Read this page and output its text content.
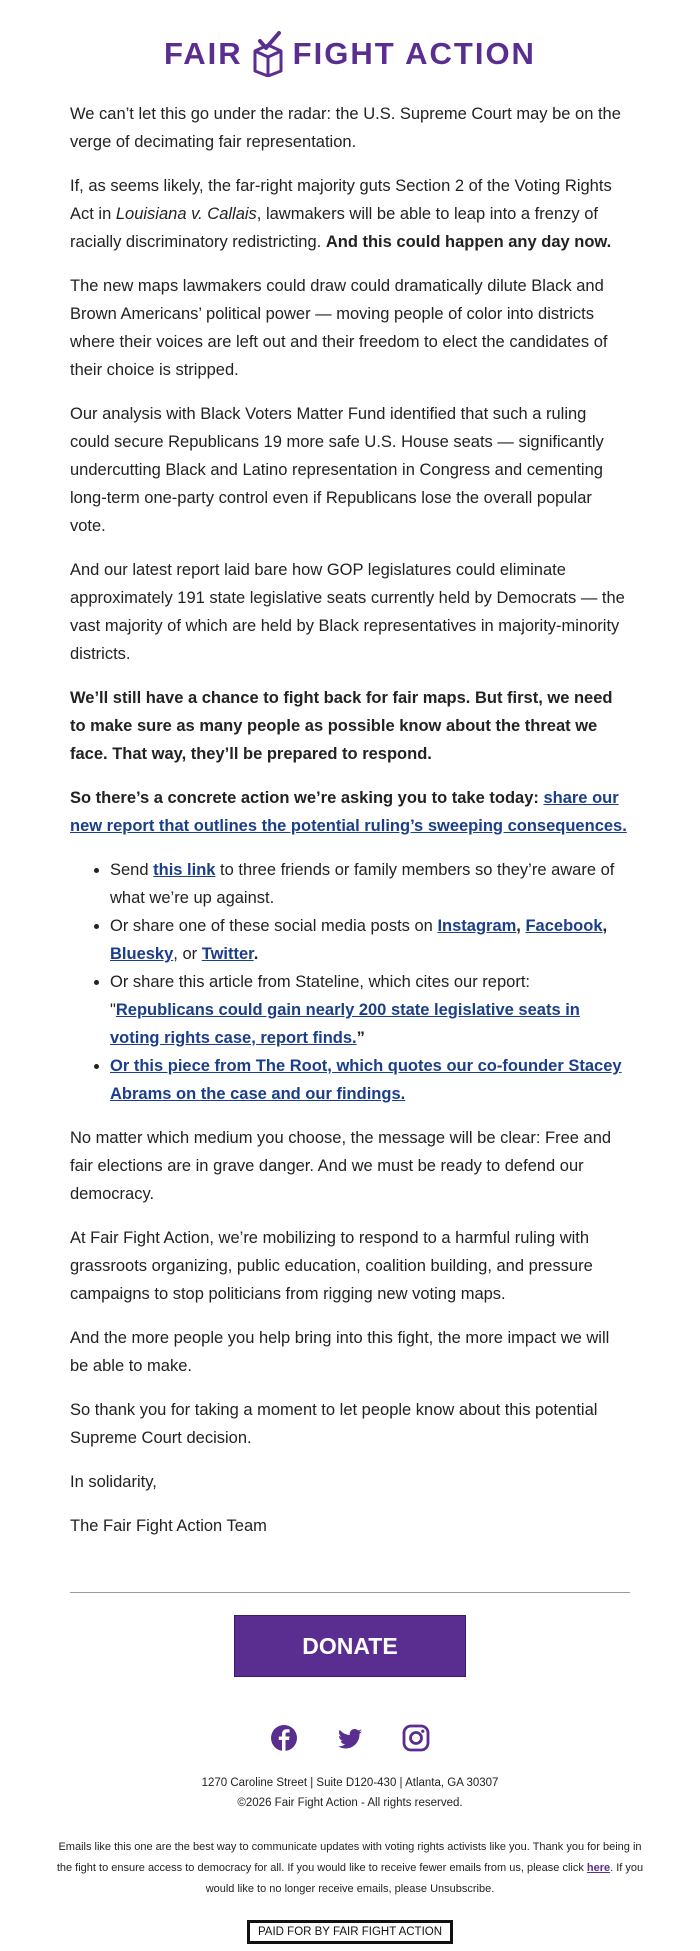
FAIR FIGHT ACTION

We can’t let this go under the radar: the U.S. Supreme Court may be on the verge of decimating fair representation.

If, as seems likely, the far-right majority guts Section 2 of the Voting Rights Act in Louisiana v. Callais, lawmakers will be able to leap into a frenzy of racially discriminatory redistricting. And this could happen any day now.

The new maps lawmakers could draw could dramatically dilute Black and Brown Americans’ political power — moving people of color into districts where their voices are left out and their freedom to elect the candidates of their choice is stripped.

Our analysis with Black Voters Matter Fund identified that such a ruling could secure Republicans 19 more safe U.S. House seats — significantly undercutting Black and Latino representation in Congress and cementing long-term one-party control even if Republicans lose the overall popular vote.

And our latest report laid bare how GOP legislatures could eliminate approximately 191 state legislative seats currently held by Democrats — the vast majority of which are held by Black representatives in majority-minority districts.

We’ll still have a chance to fight back for fair maps. But first, we need to make sure as many people as possible know about the threat we face. That way, they’ll be prepared to respond.

So there’s a concrete action we’re asking you to take today: share our new report that outlines the potential ruling’s sweeping consequences.

• Send this link to three friends or family members so they’re aware of what we’re up against.
• Or share one of these social media posts on Instagram, Facebook, Bluesky, or Twitter.
• Or share this article from Stateline, which cites our report: "Republicans could gain nearly 200 state legislative seats in voting rights case, report finds.”
• Or this piece from The Root, which quotes our co-founder Stacey Abrams on the case and our findings.

No matter which medium you choose, the message will be clear: Free and fair elections are in grave danger. And we must be ready to defend our democracy.

At Fair Fight Action, we’re mobilizing to respond to a harmful ruling with grassroots organizing, public education, coalition building, and pressure campaigns to stop politicians from rigging new voting maps.

And the more people you help bring into this fight, the more impact we will be able to make.

So thank you for taking a moment to let people know about this potential Supreme Court decision.

In solidarity,

The Fair Fight Action Team

DONATE
1270 Caroline Street | Suite D120-430 | Atlanta, GA 30307
©2026 Fair Fight Action - All rights reserved.
Emails like this one are the best way to communicate updates with voting rights activists like you. Thank you for being in the fight to ensure access to democracy for all. If you would like to receive fewer emails from us, please click here. If you would like to no longer receive emails, please Unsubscribe.
PAID FOR BY FAIR FIGHT ACTION
